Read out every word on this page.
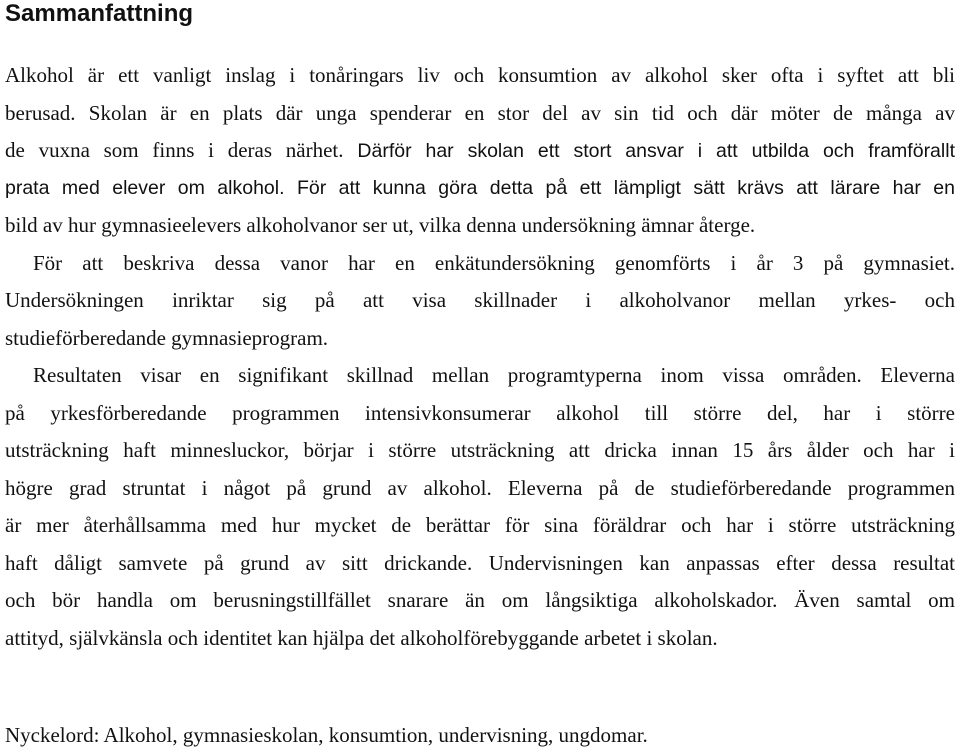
Sammanfattning
Alkohol är ett vanligt inslag i tonåringars liv och konsumtion av alkohol sker ofta i syftet att bli
berusad. Skolan är en plats där unga spenderar en stor del av sin tid och där möter de många av
de vuxna som finns i deras närhet. Därför har skolan ett stort ansvar i att utbilda och framförallt
prata med elever om alkohol. För att kunna göra detta på ett lämpligt sätt krävs att lärare har en
bild av hur gymnasieelevers alkoholvanor ser ut, vilka denna undersökning ämnar återge.
För att beskriva dessa vanor har en enkätundersökning genomförts i år 3 på gymnasiet.
Undersökningen inriktar sig på att visa skillnader i alkoholvanor mellan yrkes- och
studieförberedande gymnasieprogram.
Resultaten visar en signifikant skillnad mellan programtyperna inom vissa områden. Eleverna
på yrkesförberedande programmen intensivkonsumerar alkohol till större del, har i större
utsträckning haft minnesluckor, börjar i större utsträckning att dricka innan 15 års ålder och har i
högre grad struntat i något på grund av alkohol. Eleverna på de studieförberedande programmen
är mer återhållsamma med hur mycket de berättar för sina föräldrar och har i större utsträckning
haft dåligt samvete på grund av sitt drickande. Undervisningen kan anpassas efter dessa resultat
och bör handla om berusningstillfället snarare än om långsiktiga alkoholskador. Även samtal om
attityd, självkänsla och identitet kan hjälpa det alkoholförebyggande arbetet i skolan.
Nyckelord: Alkohol, gymnasieskolan, konsumtion, undervisning, ungdomar.
